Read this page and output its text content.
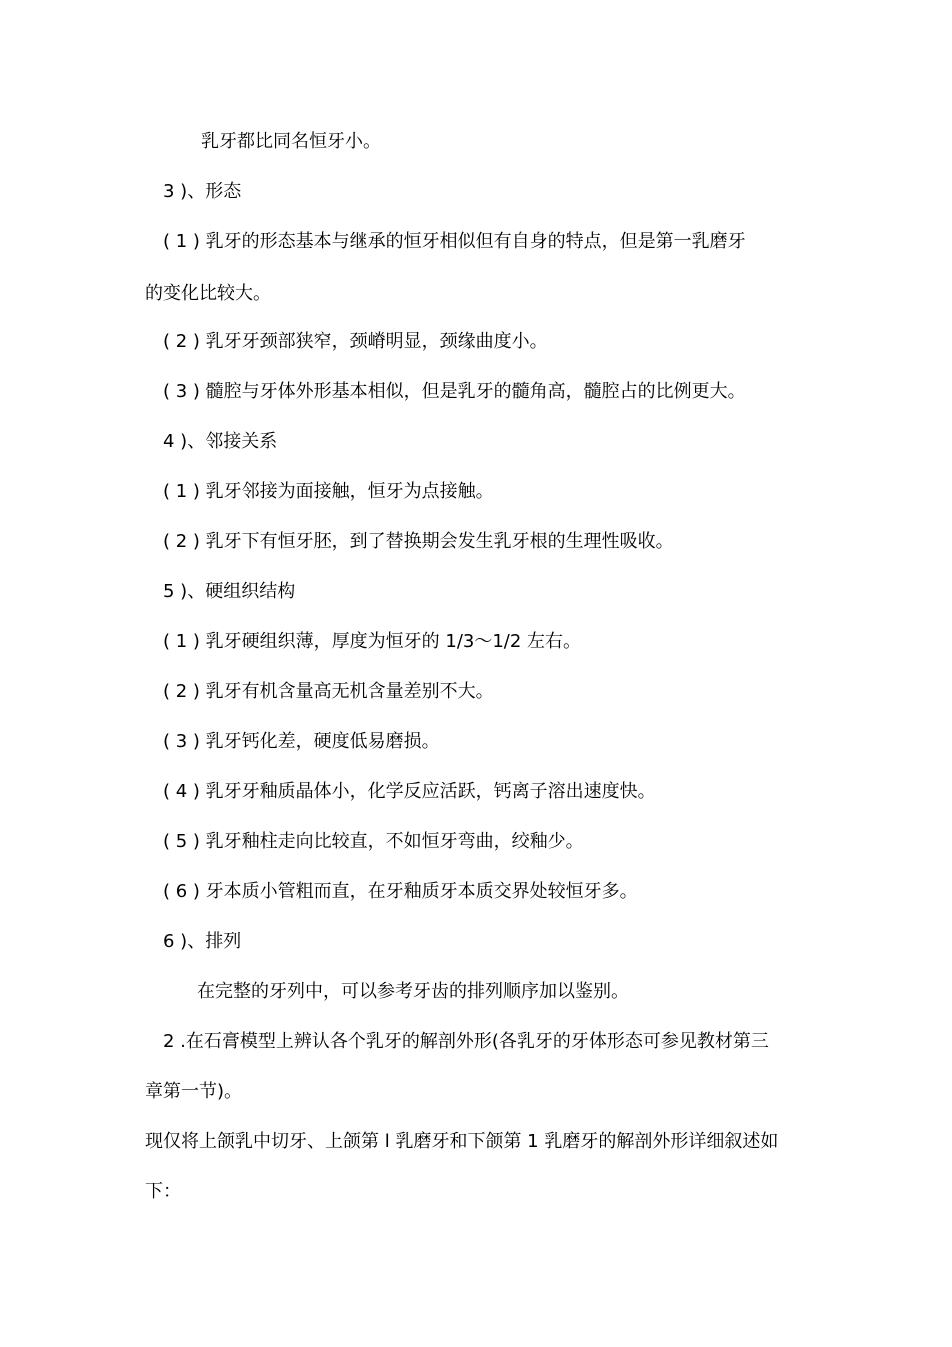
乳牙都比同名恒牙小。
3 )、形态
( 1 ) 乳牙的形态基本与继承的恒牙相似但有自身的特点，但是第一乳磨牙
的变化比较大。
( 2 ) 乳牙牙颈部狭窄，颈嵴明显，颈缘曲度小。
( 3 ) 髓腔与牙体外形基本相似，但是乳牙的髓角高，髓腔占的比例更大。
4 )、邻接关系
( 1 ) 乳牙邻接为面接触，恒牙为点接触。
( 2 ) 乳牙下有恒牙胚，到了替换期会发生乳牙根的生理性吸收。
5 )、硬组织结构
( 1 ) 乳牙硬组织薄，厚度为恒牙的 1/3～1/2 左右。
( 2 ) 乳牙有机含量高无机含量差别不大。
( 3 ) 乳牙钙化差，硬度低易磨损。
( 4 ) 乳牙牙釉质晶体小，化学反应活跃，钙离子溶出速度快。
( 5 ) 乳牙釉柱走向比较直，不如恒牙弯曲，绞釉少。
( 6 ) 牙本质小管粗而直，在牙釉质牙本质交界处较恒牙多。
6 )、排列
在完整的牙列中，可以参考牙齿的排列顺序加以鉴别。
2 .在石膏模型上辨认各个乳牙的解剖外形(各乳牙的牙体形态可参见教材第三
章第一节)。
现仅将上颌乳中切牙、上颌第 l 乳磨牙和下颌第 1 乳磨牙的解剖外形详细叙述如
下：
